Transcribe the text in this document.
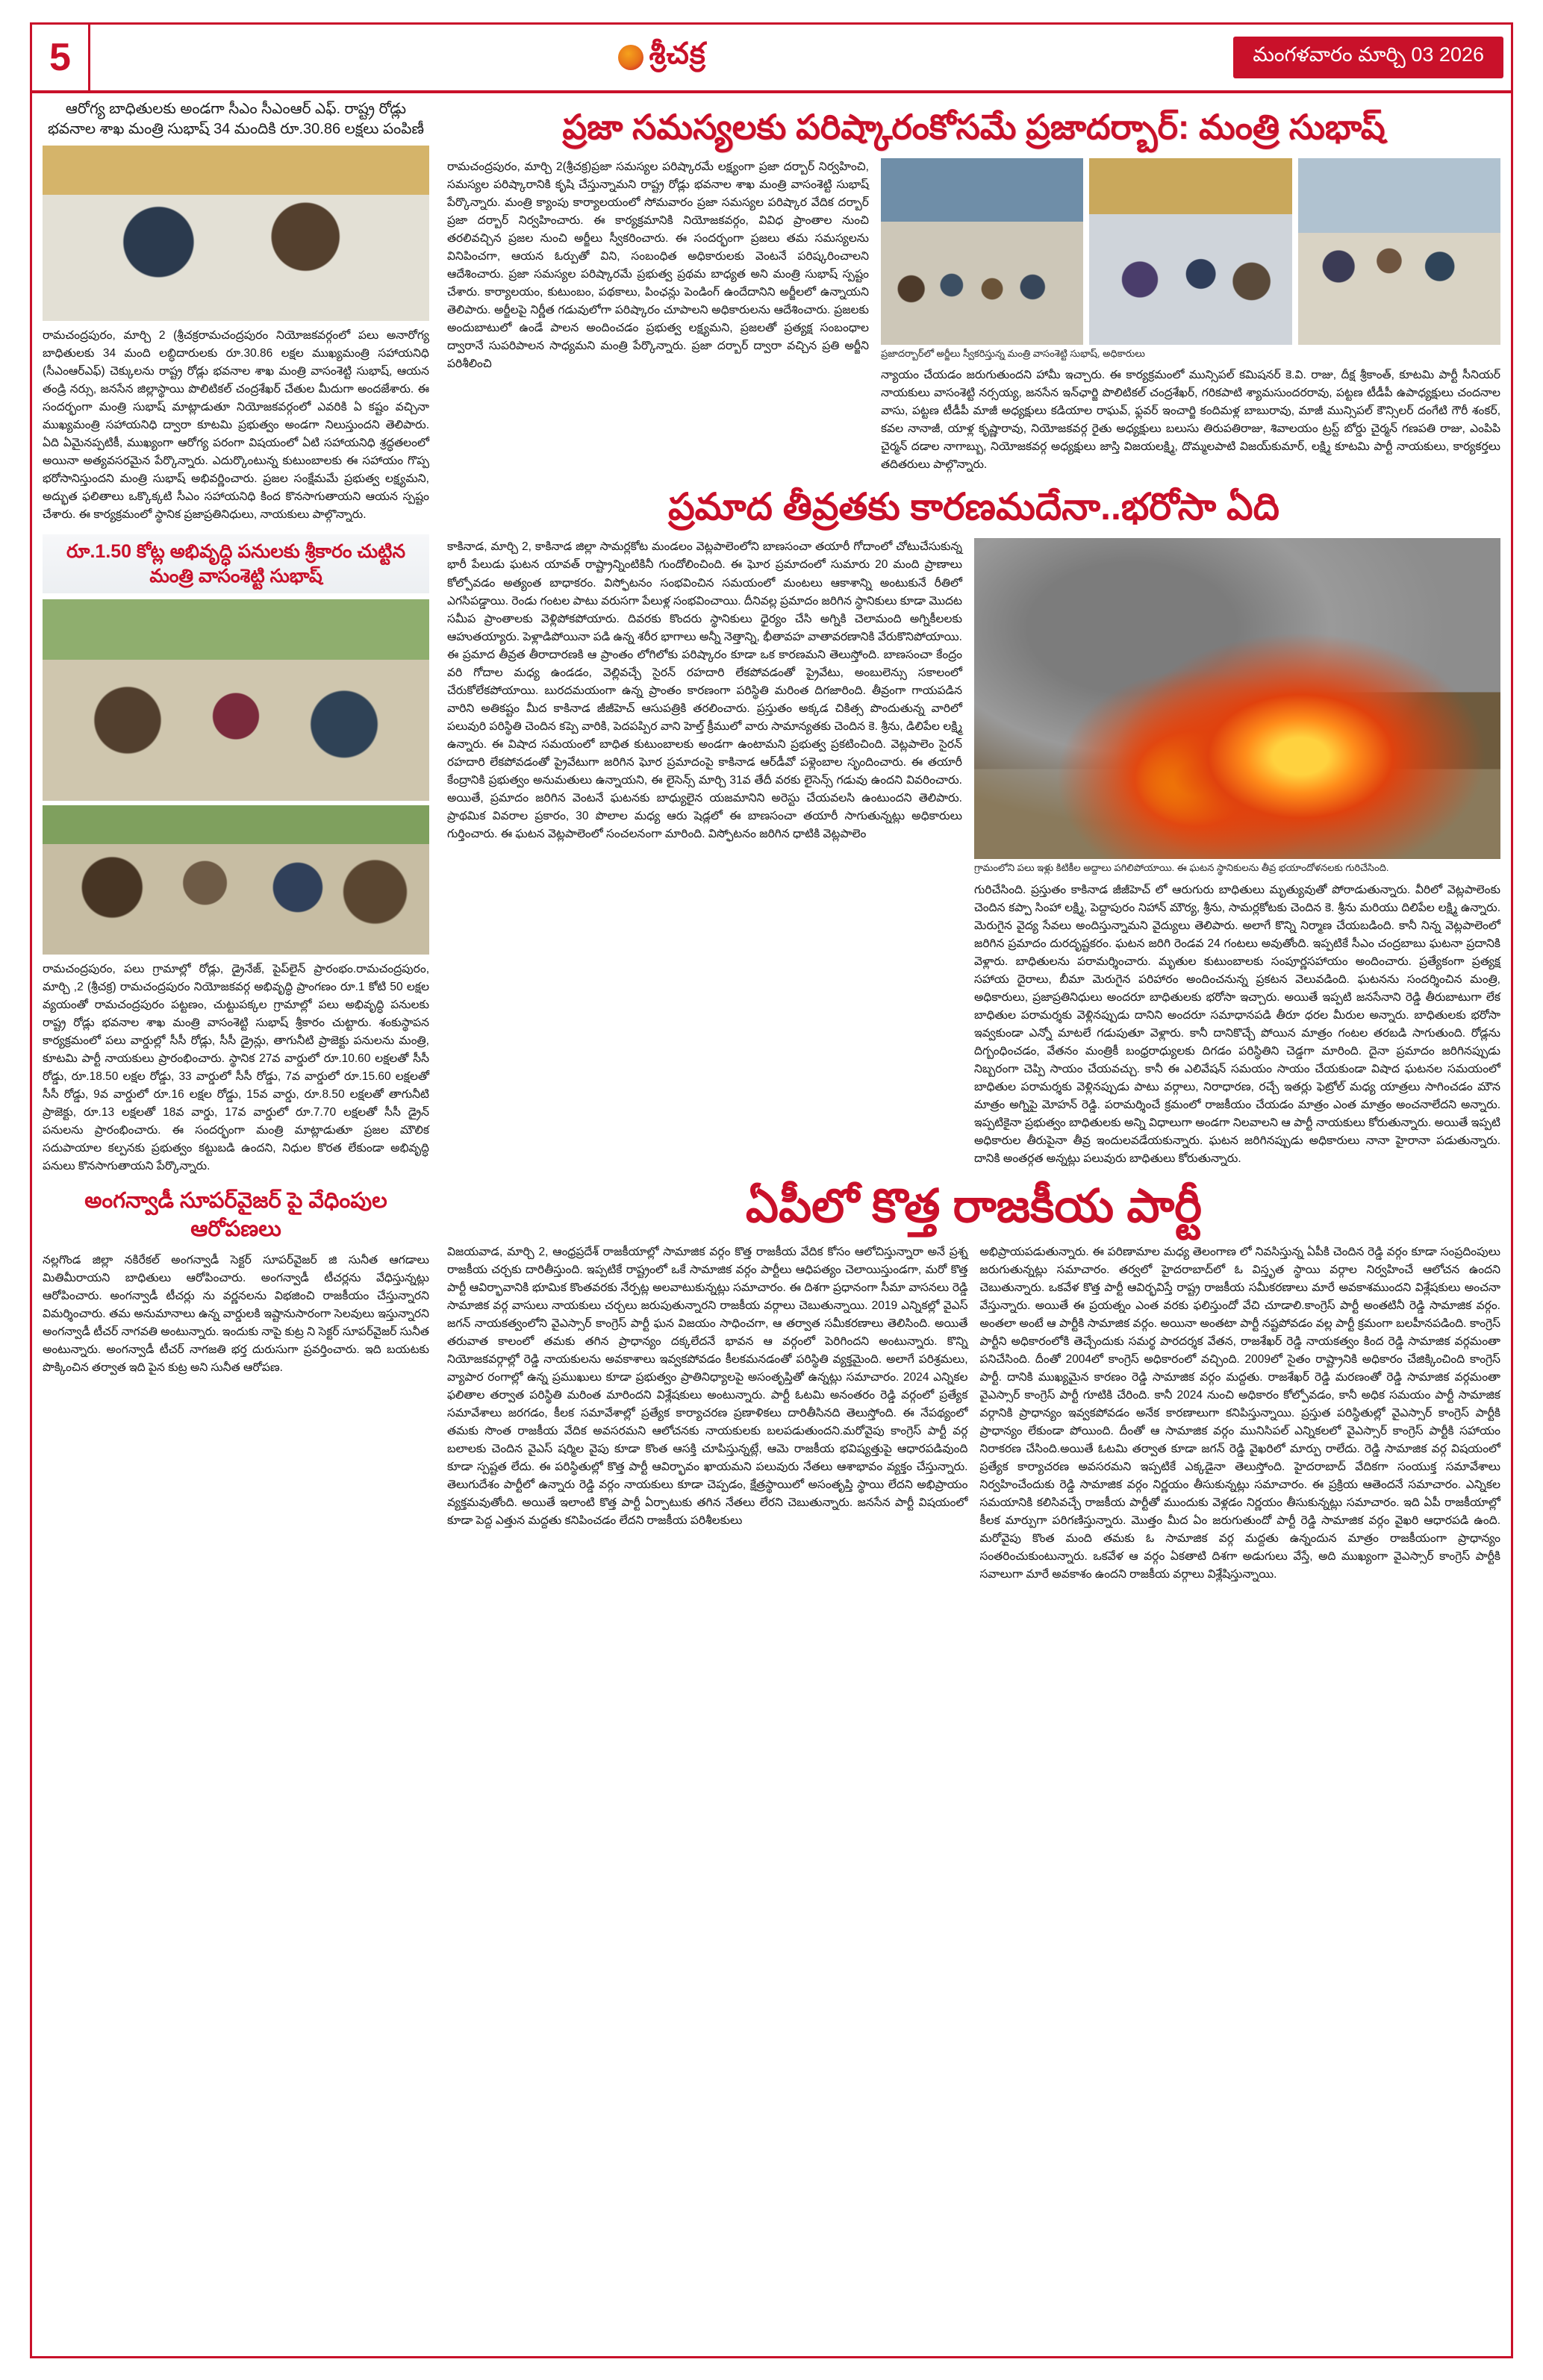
5	శ్రీచక్ర	మంగళవారం మార్చి 03 2026
ఆరోగ్య బాధితులకు అండగా సీఎం సీఎంఆర్ ఎఫ్. రాష్ట్ర రోడ్లు భవనాల శాఖ మంత్రి సుభాష్ 34 మందికి రూ.30.86 లక్షలు పంపిణీ
రామచంద్రపురం, మార్చి 2 (శ్రీచక్రరామచంద్రపురం నియోజకవర్గంలో పలు అనారోగ్య బాధితులకు 34 మంది లబ్ధిదారులకు రూ.30.86 లక్షల ముఖ్యమంత్రి సహాయనిధి (సీఎంఆర్ఎఫ్) చెక్కులను రాష్ట్ర రోడ్లు భవనాల శాఖ మంత్రి వాసంశెట్టి సుభాష్, ఆయన తండ్రి నర్సు, జనసేన జిల్లాస్థాయి పొలిటికల్ చంద్రశేఖర్ చేతుల మీదుగా అందజేశారు. ఈ సందర్భంగా మంత్రి సుభాష్ మాట్లాడుతూ నియోజకవర్గంలో ఎవరికి ఏ కష్టం వచ్చినా ముఖ్యమంత్రి సహాయనిధి ద్వారా కూటమి ప్రభుత్వం అండగా నిలుస్తుందని తెలిపారు. ఏది ఏమైనప్పటికీ, ముఖ్యంగా ఆరోగ్య పరంగా విషయంలో ఏటి సహాయనిధి శ్రద్ధతలంలో అయినా అత్యవసరమైన పేర్కొన్నారు. ఎదుర్కొంటున్న కుటుంబాలకు ఈ సహాయం గొప్ప భరోసానిస్తుందని మంత్రి సుభాష్ అభివర్ణించారు. ప్రజల సంక్షేమమే ప్రభుత్వ లక్ష్యమని, అద్భుత ఫలితాలు ఒక్కొక్కటి సీఎం సహాయనిధి కింద కొనసాగుతాయని ఆయన స్పష్టం చేశారు. ఈ కార్యక్రమంలో స్థానిక ప్రజాప్రతినిధులు, నాయకులు పాల్గొన్నారు.
రూ.1.50 కోట్ల అభివృద్ధి పనులకు శ్రీకారం చుట్టిన మంత్రి వాసంశెట్టి సుభాష్
రామచంద్రపురం, పలు గ్రామాల్లో రోడ్లు, డ్రైనేజ్, పైప్‌లైన్ ప్రారంభం.రామచంద్రపురం, మార్చి ,2 (శ్రీచక్ర) రామచంద్రపురం నియోజకవర్గ అభివృద్ధి ప్రాంగణం రూ.1 కోటి 50 లక్షల వ్యయంతో రామచంద్రపురం పట్టణం, చుట్టుపక్కల గ్రామాల్లో పలు అభివృద్ధి పనులకు రాష్ట్ర రోడ్లు భవనాల శాఖ మంత్రి వాసంశెట్టి సుభాష్ శ్రీకారం చుట్టారు. శంకుస్థాపన కార్యక్రమంలో పలు వార్డుల్లో సీసీ రోడ్లు, సీసీ డ్రైన్లు, తాగునీటి ప్రాజెక్టు పనులను మంత్రి, కూటమి పార్టీ నాయకులు ప్రారంభించారు. స్థానిక 27వ వార్డులో రూ.10.60 లక్షలతో సీసీ రోడ్డు, రూ.18.50 లక్షల రోడ్డు, 33 వార్డులో సీసీ రోడ్డు, 7వ వార్డులో రూ.15.60 లక్షలతో సీసీ రోడ్డు, 9వ వార్డులో రూ.16 లక్షల రోడ్డు, 15వ వార్డు, రూ.8.50 లక్షలతో తాగునీటి ప్రాజెక్టు, రూ.13 లక్షలతో 18వ వార్డు, 17వ వార్డులో రూ.7.70 లక్షలతో సీసీ డ్రైన్ పనులను ప్రారంభించారు. ఈ సందర్భంగా మంత్రి మాట్లాడుతూ ప్రజల మౌలిక సదుపాయాల కల్పనకు ప్రభుత్వం కట్టుబడి ఉందని, నిధుల కొరత లేకుండా అభివృద్ధి పనులు కొనసాగుతాయని పేర్కొన్నారు.
అంగన్వాడీ సూపర్‌వైజర్ పై వేధింపుల ఆరోపణలు
నల్లగొండ జిల్లా నకిరేకల్ అంగన్వాడీ సెక్టర్ సూపర్‌వైజర్ జి సునీత ఆగడాలు మితిమీరాయని బాధితులు ఆరోపించారు. అంగన్వాడీ టీచర్లను వేధిస్తున్నట్లు ఆరోపించారు. అంగన్వాడీ టీచర్లు ను వర్ణనలను విభజించి రాజకీయం చేస్తున్నారని విమర్శించారు. తమ అనుమానాలు ఉన్న వార్డులకి ఇష్టానుసారంగా సెలవులు ఇస్తున్నారని అంగన్వాడీ టీచర్ నాగవతి అంటున్నారు. ఇందుకు నాపై కుట్ర ని సెక్టర్ సూపర్‌వైజర్ సునీత అంటున్నారు. అంగన్వాడీ టీచర్ నాగజతి భర్త దురుసుగా ప్రవర్తించారు. ఇది బయటకు పొక్కించిన తర్వాత ఇది పైన కుట్ర అని సునీత ఆరోపణ.
ప్రజా సమస్యలకు పరిష్కారంకోసమే ప్రజాదర్బార్: మంత్రి సుభాష్
రామచంద్రపురం, మార్చి 2(శ్రీచక్ర)ప్రజా సమస్యల పరిష్కారమే లక్ష్యంగా ప్రజా దర్బార్ నిర్వహించి, సమస్యల పరిష్కారానికి కృషి చేస్తున్నామని రాష్ట్ర రోడ్లు భవనాల శాఖ మంత్రి వాసంశెట్టి సుభాష్ పేర్కొన్నారు. మంత్రి క్యాంపు కార్యాలయంలో సోమవారం ప్రజా సమస్యల పరిష్కార వేదిక దర్బార్ ప్రజా దర్బార్ నిర్వహించారు. ఈ కార్యక్రమానికి నియోజకవర్గం, వివిధ ప్రాంతాల నుంచి తరలివచ్చిన ప్రజల నుంచి అర్జీలు స్వీకరించారు. ఈ సందర్భంగా ప్రజలు తమ సమస్యలను వినిపించగా, ఆయన ఓర్పుతో విని, సంబంధిత అధికారులకు వెంటనే పరిష్కరించాలని ఆదేశించారు. ప్రజా సమస్యల పరిష్కారమే ప్రభుత్వ ప్రథమ బాధ్యత అని మంత్రి సుభాష్ స్పష్టం చేశారు. కార్యాలయం, కుటుంబం, పథకాలు, పింఛన్లు పెండింగ్ ఉందేదానిని అర్జీలలో ఉన్నాయని తెలిపారు. అర్జీలపై నిర్ణీత గడువులోగా పరిష్కారం చూపాలని అధికారులను ఆదేశించారు. ప్రజలకు అందుబాటులో ఉండే పాలన అందించడం ప్రభుత్వ లక్ష్యమని, ప్రజలతో ప్రత్యక్ష సంబంధాల ద్వారానే సుపరిపాలన సాధ్యమని మంత్రి పేర్కొన్నారు. ప్రజా దర్బార్ ద్వారా వచ్చిన ప్రతి అర్జీని పరిశీలించి
ప్రజాదర్బార్‌లో అర్జీలు స్వీకరిస్తున్న మంత్రి వాసంశెట్టి సుభాష్, అధికారులు
న్యాయం చేయడం జరుగుతుందని హామీ ఇచ్చారు. ఈ కార్యక్రమంలో మున్సిపల్ కమిషనర్ కె.వి. రాజు, దీక్ష శ్రీకాంత్, కూటమి పార్టీ సీనియర్ నాయకులు వాసంశెట్టి నర్సయ్య, జనసేన ఇన్‌ఛార్జి పొలిటికల్ చంద్రశేఖర్, గరికపాటి శ్యామసుందరరావు, పట్టణ టీడీపీ ఉపాధ్యక్షులు చందనాల వాసు, పట్టణ టీడీపీ మాజీ అధ్యక్షులు కడియాల రాఘవ్, ఫ్లవర్ ఇంచార్జి కందిమళ్ల బాబురావు, మాజీ మున్సిపల్ కౌన్సిలర్ దంగేటి గౌరీ శంకర్, కవల నానాజీ, యాళ్ల కృష్ణారావు, నియోజకవర్గ రైతు అధ్యక్షులు బలుసు తిరుపతిరాజు, శివాలయం ట్రస్ట్ బోర్డు చైర్మన్ గణపతి రాజు, ఎంపిపి చైర్మన్ దడాల నాగాబ్బు, నియోజకవర్గ అధ్యక్షులు జాస్తి విజయలక్ష్మి, దొమ్మలపాటి విజయ్‌కుమార్, లక్ష్మి కూటమి పార్టీ నాయకులు, కార్యకర్తలు తదితరులు పాల్గొన్నారు.
ప్రమాద తీవ్రతకు కారణమదేనా..భరోసా ఏది
కాకినాడ, మార్చి 2, కాకినాడ జిల్లా సామర్లకోట మండలం వెట్లపాలెంలోని బాణసంచా తయారీ గోదాంలో చోటుచేసుకున్న భారీ పేలుడు ఘటన యావత్ రాష్ట్రాన్నింటికినీ గుందోలించింది. ఈ ఘోర ప్రమాదంలో సుమారు 20 మంది ప్రాణాలు కోల్పోవడం అత్యంత బాధాకరం. విస్ఫోటనం సంభవించిన సమయంలో మంటలు ఆకాశాన్ని అంటుకునే రీతిలో ఎగసిపడ్డాయి. రెండు గంటల పాటు వరుసగా పేలుళ్ల సంభవించాయి. దీనివల్ల ప్రమాదం జరిగిన స్థానికులు కూడా మొదట సమీప ప్రాంతాలకు వెళ్లిపోకపోయారు. దివరకు కొందరు స్థానికులు ధైర్యం చేసి అగ్నికి చెలామంది అగ్నికీలలకు ఆహుతయ్యారు. పెళ్లాడిపోయినా పడి ఉన్న శరీర భాగాలు అన్నీ నెత్తాన్ని, భీతావహ వాతావరణానికి వేరుకొనిపోయాయి. ఈ ప్రమాద తీవ్రత తీరాదారణకి ఆ ప్రాంతం లోగిలోకు పరిష్కారం కూడా ఒక కారణమని తెలుస్తోంది. బాణసంచా కేంద్రం వరి గోదాల మధ్య ఉండడం, వెల్లివచ్చే సైరన్ రహదారి లేకపోవడంతో ప్రైవేటు, అంబులెన్సు సకాలంలో చేరుకోలేకపోయాయి. బురదమయంగా ఉన్న ప్రాంతం కారణంగా పరిస్థితి మరింత దిగజారింది. తీవ్రంగా గాయపడిన వారిని అతికష్టం మీద కాకినాడ జీజీహెచ్ ఆసుపత్రికి తరలించారు. ప్రస్తుతం అక్కడ చికిత్స పొందుతున్న వారిలో పలువురి పరిస్థితి చెందిన కప్పె వారికి, పెదపప్పిర వాని హెల్త్ క్రీములో వారు సామాన్యతకు చెందిన కె. శ్రీను, డిలిపేల లక్ష్మి ఉన్నారు. ఈ విషాద సమయంలో బాధిత కుటుంబాలకు అండగా ఉంటామని ప్రభుత్వ ప్రకటించింది. వెట్లపాలెం సైరన్ రహదారి లేకపోవడంతో ప్రైవేటుగా జరిగిన ఘోర ప్రమాదంపై కాకినాడ ఆర్‌డీవో పళ్లెంబాల సృందించారు. ఈ తయారీ కేంద్రానికి ప్రభుత్వం అనుమతులు ఉన్నాయని, ఈ లైసెన్స్ మార్చి 31వ తేదీ వరకు లైసెన్స్ గడువు ఉందని వివరించారు. అయితే, ప్రమాదం జరిగిన వెంటనే ఘటనకు బాధ్యులైన యజమానిని అరెస్టు చేయవలసి ఉంటుందని తెలిపారు. ప్రాథమిక వివరాల ప్రకారం, 30 పొలాల మధ్య ఆరు షెడ్లలో ఈ బాణసంచా తయారీ సాగుతున్నట్లు అధికారులు గుర్తించారు. ఈ ఘటన వెట్లపాలెంలో సంచలనంగా మారింది. విస్ఫోటనం జరిగిన ధాటికి వెట్లపాలెం
గ్రామంలోని పలు ఇళ్లు కిటికీల అద్దాలు పగిలిపోయాయి. ఈ ఘటన స్థానికులను తీవ్ర భయాందోళనలకు గురిచేసింది.
గురిచేసింది. ప్రస్తుతం కాకినాడ జీజీహెచ్ లో ఆరుగురు బాధితులు మృత్యువుతో పోరాడుతున్నారు. వీరిలో వెట్లపాలెంకు చెందిన కప్పా సింహా లక్ష్మి, పెద్దాపురం నిహాన్ మౌర్య, శ్రీను, సామర్లకోటకు చెందిన కె. శ్రీను మరియు దిలిపేల లక్ష్మి ఉన్నారు. మెరుగైన వైద్య సేవలు అందిస్తున్నామని వైద్యులు తెలిపారు. అలాగే కొన్ని నిర్మాణ చేయబడింది. కానీ నిన్న వెట్లపాలెంలో జరిగిన ప్రమాదం దురదృష్టకరం. ఘటన జరిగి రెండవ 24 గంటలు అవుతోంది. ఇప్పటికే సీఎం చంద్రబాబు ఘటనా ప్రదానికి వెళ్లారు. బాధితులను పరామర్శించారు. మృతుల కుటుంబాలకు సంపూర్ణసహాయం అందించారు. ప్రత్యేకంగా ప్రత్యక్ష సహాయ దైరాలు, బీమా మెరుగైన పరిహారం అందించనున్న ప్రకటన వెలువడింది. ఘటనను సందర్శించిన మంత్రి, అధికారులు, ప్రజాప్రతినిధులు అందరూ బాధితులకు భరోసా ఇచ్చారు. అయితే ఇప్పటి జనసేనాని రెడ్డి తీరుబాటుగా లేక బాధితుల పరామర్శకు వెళ్లినప్పుడు దానిని అందరూ సమాధానపడి తీరూ ధరల మీరుల అన్నారు. బాధితులకు భరోసా ఇవ్వకుండా ఎన్నో మాటలే గడుపుతూ వెళ్లారు. కానీ దానికొచ్చే పోయిన మాత్రం గంటల తరబడి సాగుతుంది. రోడ్లను దిగ్బంధించడం, వేతనం మంత్రికీ బంధ్రరాధ్యులకు దిగడం పరిస్థితిని చెడ్డగా మారింది. దైనా ప్రమాదం జరిగినప్పుడు నిబ్బరంగా చెప్పి సాయం చేయవచ్చు. కానీ ఈ ఎలివేషన్ సమయం సాయం చేయకుండా విషాద ఘటనల సమయంలో బాధితుల పరామర్శకు వెళ్లినప్పుడు పాటు వర్గాలు, నిరాధారణ, రచ్చే ఇతర్లు ఫెట్రోల్ మధ్య యాత్రలు సాగించడం మౌన మాత్రం అగ్నిపై మోహన్ రెడ్డి. పరామర్శించే క్రమంలో రాజకీయం చేయడం మాత్రం ఎంత మాత్రం అంచనాలేదని అన్నారు. ఇప్పటికైనా ప్రభుత్వం బాధితులకు అన్ని విధాలుగా అండగా నిలవాలని ఆ పార్టీ నాయకులు కోరుతున్నారు. అయితే ఇప్పటి అధికారుల తీరుపైనా తీవ్ర ఇందులవడేయకున్నారు. ఘటన జరిగినప్పుడు అధికారులు నానా హైరానా పడుతున్నారు. దానికి అంతర్గత అన్నట్లు పలువురు బాధితులు కోరుతున్నారు.
ఏపీలో కొత్త రాజకీయ పార్టీ
విజయవాడ, మార్చి 2, ఆంధ్రప్రదేశ్ రాజకీయాల్లో సామాజిక వర్గం కొత్త రాజకీయ వేదిక కోసం ఆలోచిస్తున్నారా అనే ప్రశ్న రాజకీయ చర్చకు దారితీస్తుంది. ఇప్పటికే రాష్ట్రంలో ఒకే సామాజిక వర్గం పార్టీలు ఆధిపత్యం చెలాయిస్తుండగా, మరో కొత్త పార్టీ ఆవిర్భావానికి భూమిక కొంతవరకు నేర్పట్ల అలవాటుకున్నట్లు సమాచారం. ఈ దిశగా ప్రధానంగా సీమా వాసనలు రెడ్డి సామాజిక వర్గ వాసులు నాయకులు చర్చలు జరుపుతున్నారని రాజకీయ వర్గాలు చెబుతున్నాయి. 2019 ఎన్నికల్లో వైఎస్ జగన్ నాయకత్వంలోని వైఎస్సార్ కాంగ్రెస్ పార్టీ ఘన విజయం సాధించగా, ఆ తర్వాత సమీకరణాలు తెలిసింది. అయితే తరువాత కాలంలో తమకు తగిన ప్రాధాన్యం దక్కలేదనే భావన ఆ వర్గంలో పెరిగిందని అంటున్నారు. కొన్ని నియోజకవర్గాల్లో రెడ్డి నాయకులను అవకాశాలు ఇవ్వకపోవడం కీలకమనడంతో పరిస్థితి వ్యక్తమైంది. అలాగే పరిశ్రమలు, వ్యాపార రంగాల్లో ఉన్న ప్రముఖులు కూడా ప్రభుత్వం ప్రాతినిధ్యాలపై అసంతృప్తితో ఉన్నట్లు సమాచారం. 2024 ఎన్నికల ఫలితాల తర్వాత పరిస్థితి మరింత మారిందని విశ్లేషకులు అంటున్నారు. పార్టీ ఓటమి అనంతరం రెడ్డి వర్గంలో ప్రత్యేక సమావేశాలు జరగడం, కీలక సమావేశాల్లో ప్రత్యేక కార్యాచరణ ప్రణాళికలు దారితీసినది తెలుస్తోంది. ఈ నేపథ్యంలో తమకు సొంత రాజకీయ వేదిక అవసరమని ఆలోచనకు నాయకులకు బలపడుతుందని.మరోవైపు కాంగ్రెస్ పార్టీ వర్గ బలాలకు చెందిన వైఎస్ షర్మిల వైపు కూడా కొంత ఆసక్తి చూపిస్తున్నట్లే, ఆమె రాజకీయ భవిష్యత్తుపై ఆధారపడివుంది కూడా స్పష్టత లేదు. ఈ పరిస్థితుల్లో కొత్త పార్టీ ఆవిర్భావం ఖాయమని పలువురు నేతలు ఆశాభావం వ్యక్తం చేస్తున్నారు. తెలుగుదేశం పార్టీలో ఉన్నారు రెడ్డి వర్గం నాయకులు కూడా చెప్పడం, క్షేత్రస్థాయిలో అసంతృప్తి స్థాయి లేదని అభిప్రాయం వ్యక్తమవుతోంది. అయితే ఇలాంటి కొత్త పార్టీ ఏర్పాటుకు తగిన నేతలు లేరని చెబుతున్నారు. జనసేన పార్టీ విషయంలో కూడా పెద్ద ఎత్తున మద్దతు కనిపించడం లేదని రాజకీయ పరిశీలకులు
అభిప్రాయపడుతున్నారు. ఈ పరిణామాల మధ్య తెలంగాణ లో నివసిస్తున్న ఏపీకి చెందిన రెడ్డి వర్గం కూడా సంప్రదింపులు జరుగుతున్నట్లు సమాచారం. తర్వలో హైదరాబాద్‌లో ఓ విస్తృత స్థాయి వర్గాల నిర్వహించే ఆలోచన ఉందని చెబుతున్నారు. ఒకవేళ కొత్త పార్టీ ఆవిర్భవిస్తే రాష్ట్ర రాజకీయ సమీకరణాలు మారే అవకాశముందని విశ్లేషకులు అంచనా వేస్తున్నారు. అయితే ఈ ప్రయత్నం ఎంత వరకు ఫలిస్తుందో వేచి చూడాలి.కాంగ్రెస్ పార్టీ అంతటినీ రెడ్డి సామాజిక వర్గం. అంతలా అంటే ఆ పార్టీకి సామాజిక వర్గం. అయినా అంతటా పార్టీ నష్టపోవడం వల్ల పార్టీ క్రమంగా బలహీనపడింది. కాంగ్రెస్ పార్టీని అధికారంలోకి తెచ్చేందుకు సమర్థ పారదర్శక వేతన, రాజశేఖర్ రెడ్డి నాయకత్వం కింద రెడ్డి సామాజిక వర్గమంతా పనిచేసింది. దీంతో 2004లో కాంగ్రెస్ అధికారంలో వచ్చింది. 2009లో సైతం రాష్ట్రానికి అధికారం చేజిక్కించింది కాంగ్రెస్ పార్టీ. దానికి ముఖ్యమైన కారణం రెడ్డి సామాజిక వర్గం మద్దతు. రాజశేఖర్ రెడ్డి మరణంతో రెడ్డి సామాజిక వర్గమంతా వైఎస్సార్ కాంగ్రెస్ పార్టీ గూటికి చేరింది. కానీ 2024 నుంచి అధికారం కోల్పోవడం, కానీ అధిక సమయం పార్టీ సామాజిక వర్గానికి ప్రాధాన్యం ఇవ్వకపోవడం అనేక కారణాలుగా కనిపిస్తున్నాయి. ప్రస్తుత పరిస్థితుల్లో వైఎస్సార్ కాంగ్రెస్ పార్టీకి ప్రాధాన్యం లేకుండా పోయింది. దీంతో ఆ సామాజిక వర్గం మునిసిపల్ ఎన్నికలలో వైఎస్సార్ కాంగ్రెస్ పార్టీకి సహాయం నిరాకరణ చేసింది.అయితే ఓటమి తర్వాత కూడా జగన్ రెడ్డి వైఖరిలో మార్పు రాలేదు. రెడ్డి సామాజిక వర్గ విషయంలో ప్రత్యేక కార్యాచరణ అవసరమని ఇప్పటికే ఎక్కడైనా తెలుస్తోంది. హైదరాబాద్ వేదికగా సంయుక్త సమావేశాలు నిర్వహించేందుకు రెడ్డి సామాజిక వర్గం నిర్ణయం తీసుకున్నట్లు సమాచారం. ఈ ప్రక్రియ ఆతెందనే సమాచారం. ఎన్నికల సమయానికి కలిసివచ్చే రాజకీయ పార్టీతో ముందుకు వెళ్లడం నిర్ణయం తీసుకున్నట్లు సమాచారం. ఇది ఏపీ రాజకీయాల్లో కీలక మార్పుగా పరిగణిస్తున్నారు. మొత్తం మీద ఏం జరుగుతుందో పార్టీ రెడ్డి సామాజిక వర్గం వైఖరి ఆధారపడి ఉంది. మరోవైపు కొంత మంది తమకు ఓ సామాజిక వర్గ మద్దతు ఉన్నందున మాత్రం రాజకీయంగా ప్రాధాన్యం సంతరించుకుంటున్నారు. ఒకవేళ ఆ వర్గం ఏకతాటి దిశగా అడుగులు వేస్తే, అది ముఖ్యంగా వైఎస్సార్ కాంగ్రెస్ పార్టీకి సవాలుగా మారే అవకాశం ఉందని రాజకీయ వర్గాలు విశ్లేషిస్తున్నాయి.
